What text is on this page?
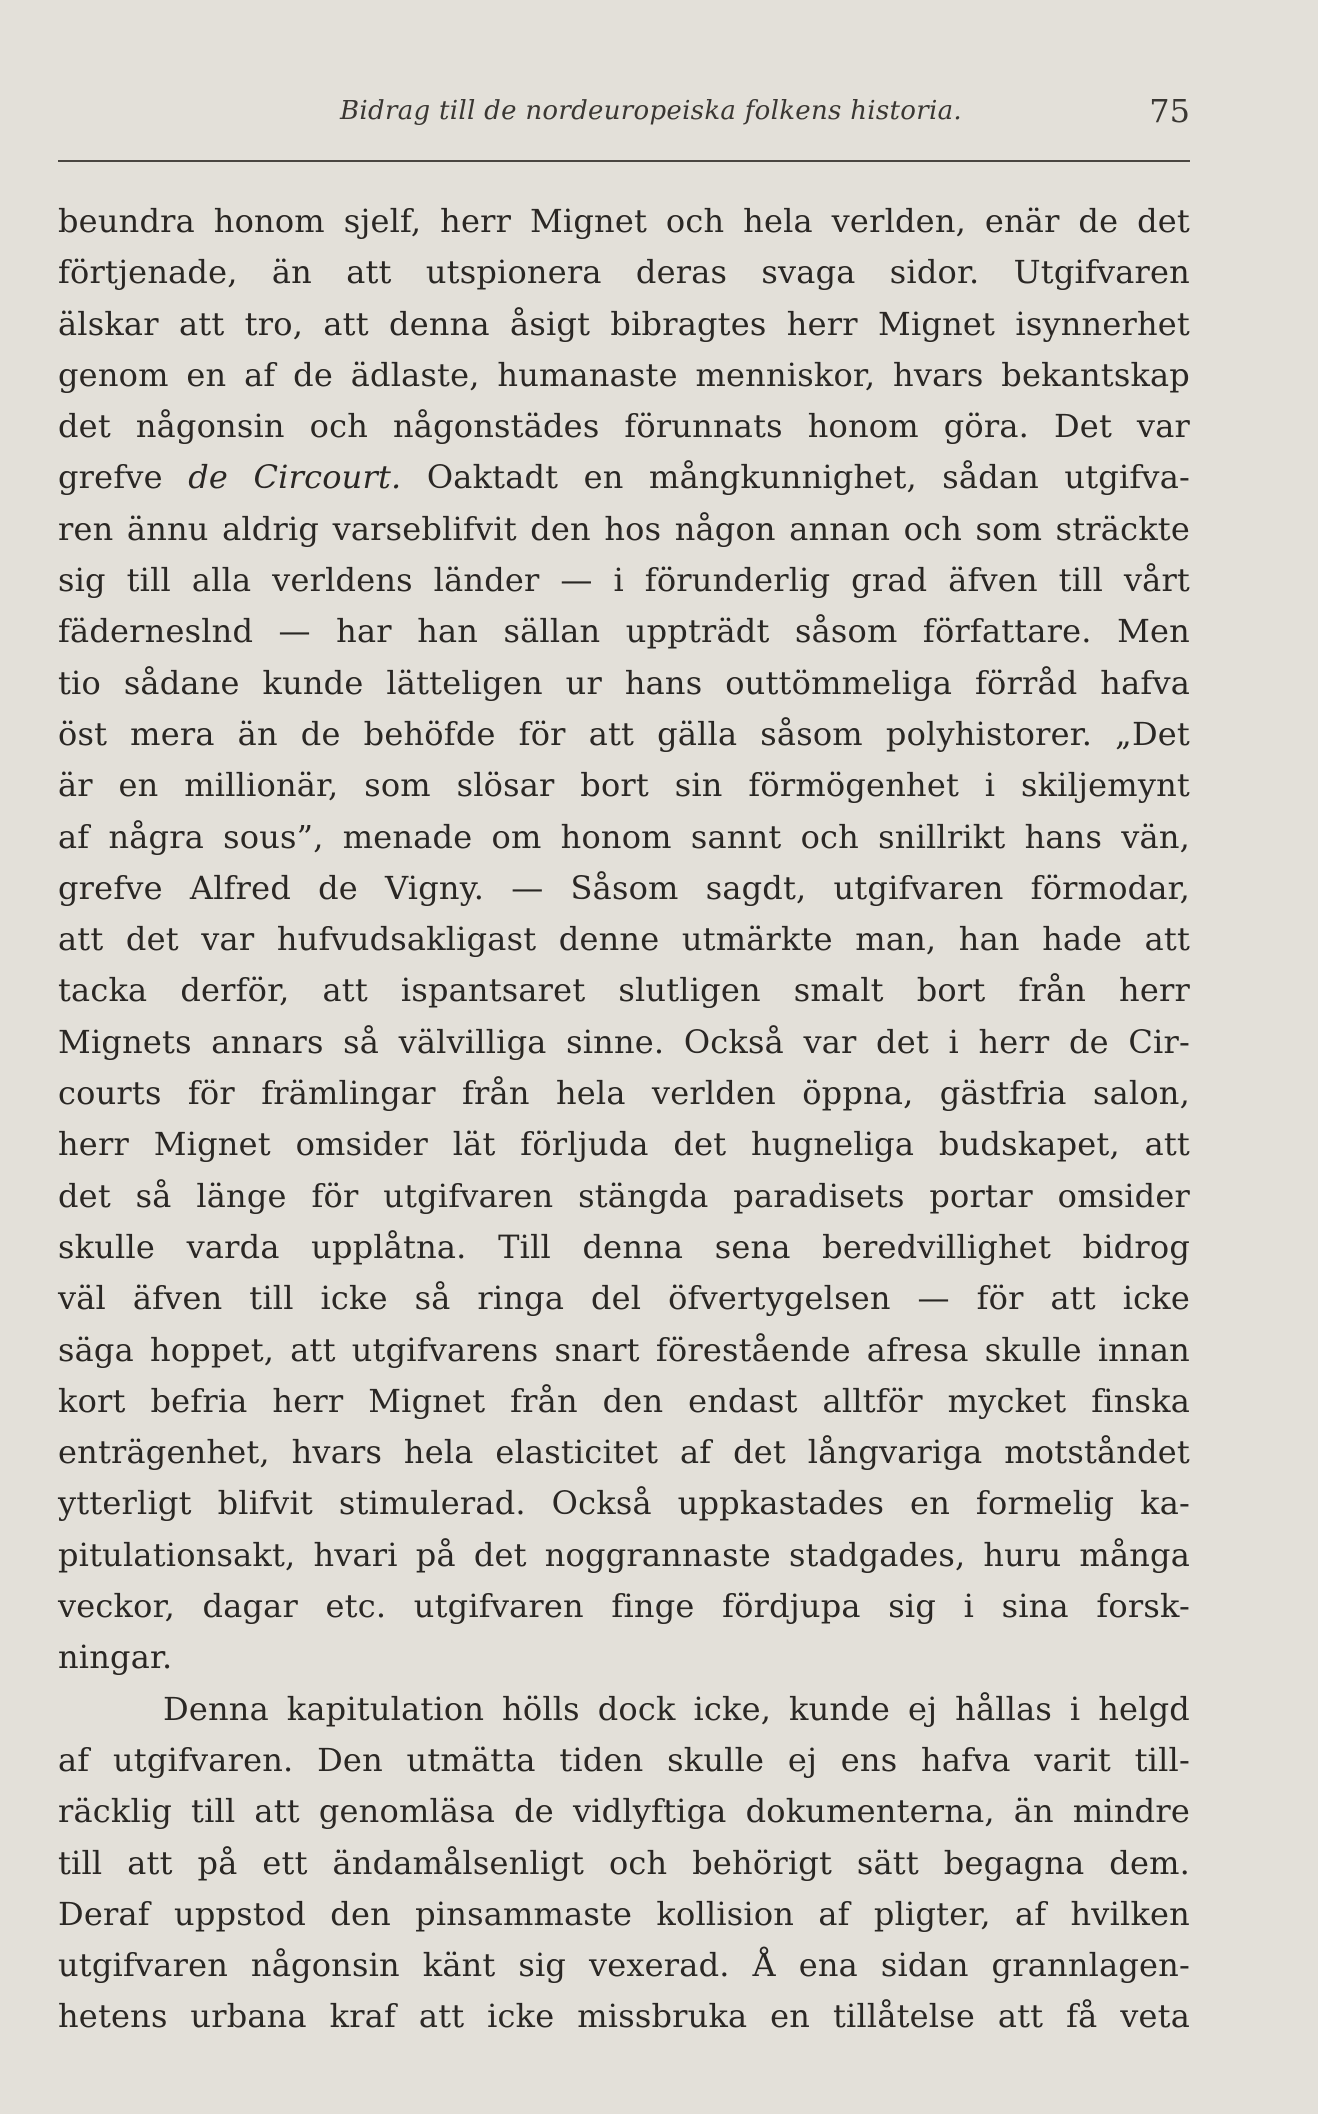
Bidrag till de nordeuropeiska folkens historia.	75
beundra honom sjelf, herr Mignet och hela verlden, enär de det
förtjenade, än att utspionera deras svaga sidor. Utgifvaren
älskar att tro, att denna åsigt bibragtes herr Mignet isynnerhet
genom en af de ädlaste, humanaste menniskor, hvars bekantskap
det någonsin och någonstädes förunnats honom göra. Det var
grefve de Circourt. Oaktadt en mångkunnighet, sådan utgifva-
ren ännu aldrig varseblifvit den hos någon annan och som sträckte
sig till alla verldens länder — i förunderlig grad äfven till vårt
fäderneslnd — har han sällan uppträdt såsom författare. Men
tio sådane kunde lätteligen ur hans outtömmeliga förråd hafva
öst mera än de behöfde för att gälla såsom polyhistorer. „Det
är en millionär, som slösar bort sin förmögenhet i skiljemynt
af några sous”, menade om honom sannt och snillrikt hans vän,
grefve Alfred de Vigny. — Såsom sagdt, utgifvaren förmodar,
att det var hufvudsakligast denne utmärkte man, han hade att
tacka derför, att ispantsaret slutligen smalt bort från herr
Mignets annars så välvilliga sinne. Också var det i herr de Cir-
courts för främlingar från hela verlden öppna, gästfria salon,
herr Mignet omsider lät förljuda det hugneliga budskapet, att
det så länge för utgifvaren stängda paradisets portar omsider
skulle varda upplåtna. Till denna sena beredvillighet bidrog
väl äfven till icke så ringa del öfvertygelsen — för att icke
säga hoppet, att utgifvarens snart förestående afresa skulle innan
kort befria herr Mignet från den endast alltför mycket finska
enträgenhet, hvars hela elasticitet af det långvariga motståndet
ytterligt blifvit stimulerad. Också uppkastades en formelig ka-
pitulationsakt, hvari på det noggrannaste stadgades, huru många
veckor, dagar etc. utgifvaren finge fördjupa sig i sina forsk-
ningar.
Denna kapitulation hölls dock icke, kunde ej hållas i helgd
af utgifvaren. Den utmätta tiden skulle ej ens hafva varit till-
räcklig till att genomläsa de vidlyftiga dokumenterna, än mindre
till att på ett ändamålsenligt och behörigt sätt begagna dem.
Deraf uppstod den pinsammaste kollision af pligter, af hvilken
utgifvaren någonsin känt sig vexerad. Å ena sidan grannlagen-
hetens urbana kraf att icke missbruka en tillåtelse att få veta
